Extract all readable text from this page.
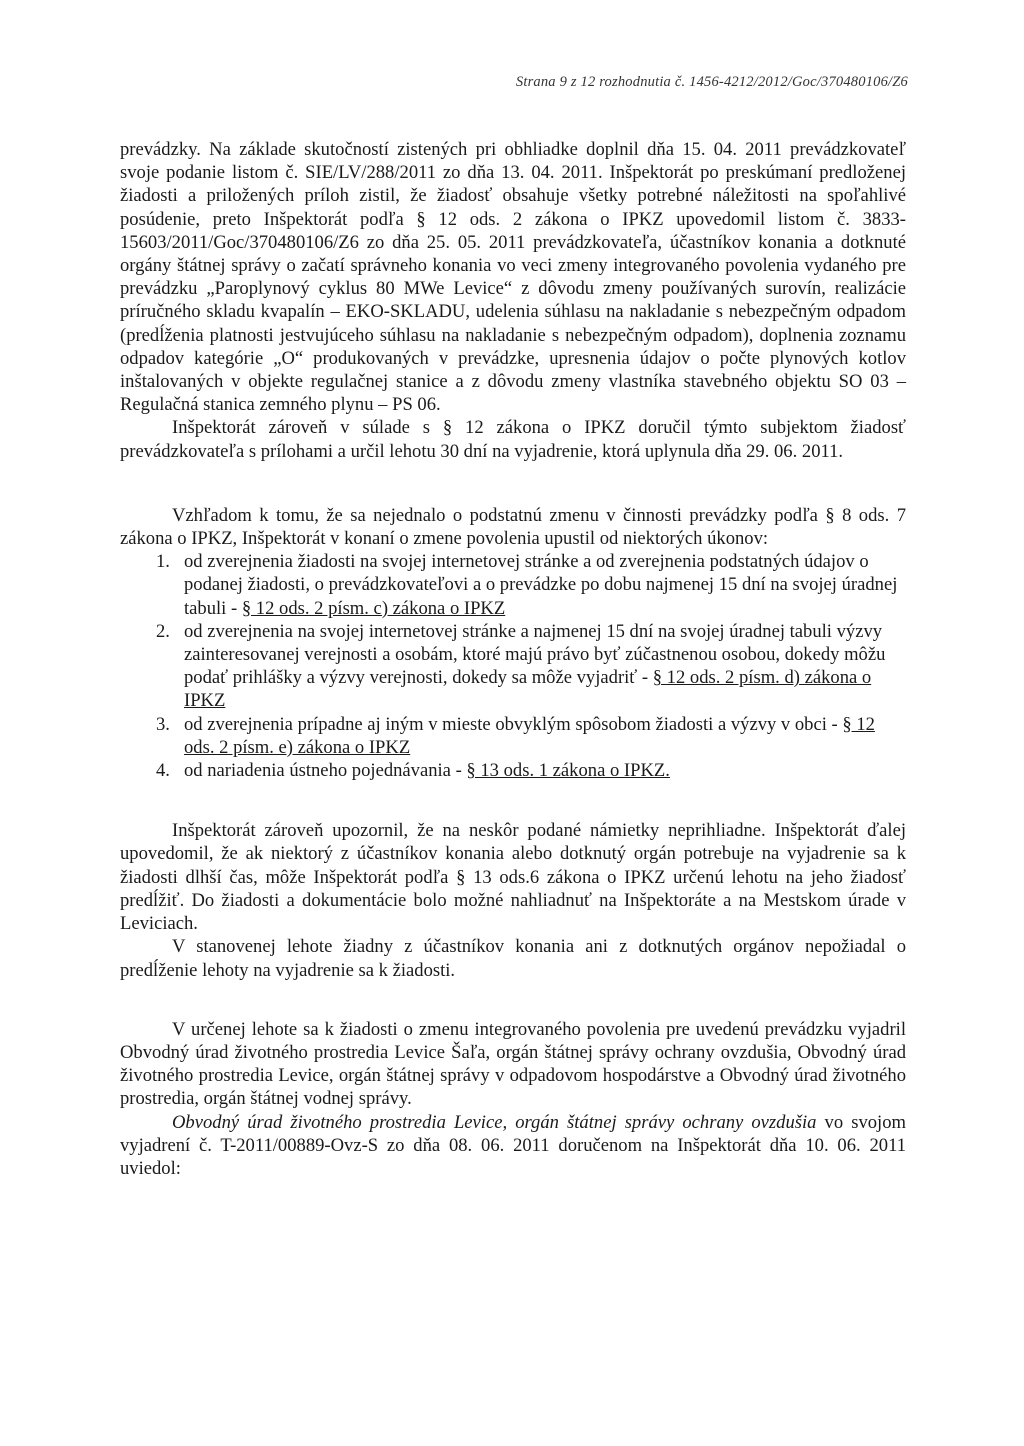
Strana 9 z 12 rozhodnutia č. 1456-4212/2012/Goc/370480106/Z6

prevádzky. Na základe skutočností zistených pri obhliadke doplnil dňa 15. 04. 2011 prevádzkovateľ svoje podanie listom č. SIE/LV/288/2011 zo dňa 13. 04. 2011. Inšpektorát po preskúmaní predloženej žiadosti a priložených príloh zistil, že žiadosť obsahuje všetky potrebné náležitosti na spoľahlivé posúdenie, preto Inšpektorát podľa § 12 ods. 2 zákona o IPKZ upovedomil listom č. 3833-15603/2011/Goc/370480106/Z6 zo dňa 25. 05. 2011 prevádzkovateľa, účastníkov konania a dotknuté orgány štátnej správy o začatí správneho konania vo veci zmeny integrovaného povolenia vydaného pre prevádzku „Paroplynový cyklus 80 MWe Levice“ z dôvodu zmeny používaných surovín, realizácie príručného skladu kvapalín – EKO-SKLADU, udelenia súhlasu na nakladanie s nebezpečným odpadom (predĺženia platnosti jestvujúceho súhlasu na nakladanie s nebezpečným odpadom), doplnenia zoznamu odpadov kategórie „O“ produkovaných v prevádzke, upresnenia údajov o počte plynových kotlov inštalovaných v objekte regulačnej stanice a z dôvodu zmeny vlastníka stavebného objektu SO 03 – Regulačná stanica zemného plynu – PS 06.

Inšpektorát zároveň v súlade s § 12 zákona o IPKZ doručil týmto subjektom žiadosť prevádzkovateľa s prílohami a určil lehotu 30 dní na vyjadrenie, ktorá uplynula dňa 29. 06. 2011.

Vzhľadom k tomu, že sa nejednalo o podstatnú zmenu v činnosti prevádzky podľa § 8 ods. 7 zákona o IPKZ, Inšpektorát v konaní o zmene povolenia upustil od niektorých úkonov:

1. od zverejnenia žiadosti na svojej internetovej stránke a od zverejnenia podstatných údajov o podanej žiadosti, o prevádzkovateľovi a o prevádzke po dobu najmenej 15 dní na svojej úradnej tabuli - § 12 ods. 2 písm. c) zákona o IPKZ
2. od zverejnenia na svojej internetovej stránke a najmenej 15 dní na svojej úradnej tabuli výzvy zainteresovanej verejnosti a osobám, ktoré majú právo byť zúčastnenou osobou, dokedy môžu podať prihlášky a výzvy verejnosti, dokedy sa môže vyjadriť - § 12 ods. 2 písm. d) zákona o IPKZ
3. od zverejnenia prípadne aj iným v mieste obvyklým spôsobom žiadosti a výzvy v obci - § 12 ods. 2 písm. e) zákona o IPKZ
4. od nariadenia ústneho pojednávania - § 13 ods. 1 zákona o IPKZ.

Inšpektorát zároveň upozornil, že na neskôr podané námietky neprihliadne. Inšpektorát ďalej upovedomil, že ak niektorý z účastníkov konania alebo dotknutý orgán potrebuje na vyjadrenie sa k žiadosti dlhší čas, môže Inšpektorát podľa § 13 ods.6 zákona o IPKZ určenú lehotu na jeho žiadosť predĺžiť. Do žiadosti a dokumentácie bolo možné nahliadnuť na Inšpektoráte a na Mestskom úrade v Leviciach.

V stanovenej lehote žiadny z účastníkov konania ani z dotknutých orgánov nepožiadal o predĺženie lehoty na vyjadrenie sa k žiadosti.

V určenej lehote sa k žiadosti o zmenu integrovaného povolenia pre uvedenú prevádzku vyjadril Obvodný úrad životného prostredia Levice Šaľa, orgán štátnej správy ochrany ovzdušia, Obvodný úrad životného prostredia Levice, orgán štátnej správy v odpadovom hospodárstve a Obvodný úrad životného prostredia, orgán štátnej vodnej správy.

Obvodný úrad životného prostredia Levice, orgán štátnej správy ochrany ovzdušia vo svojom vyjadrení č. T-2011/00889-Ovz-S zo dňa 08. 06. 2011 doručenom na Inšpektorát dňa 10. 06. 2011 uviedol:
